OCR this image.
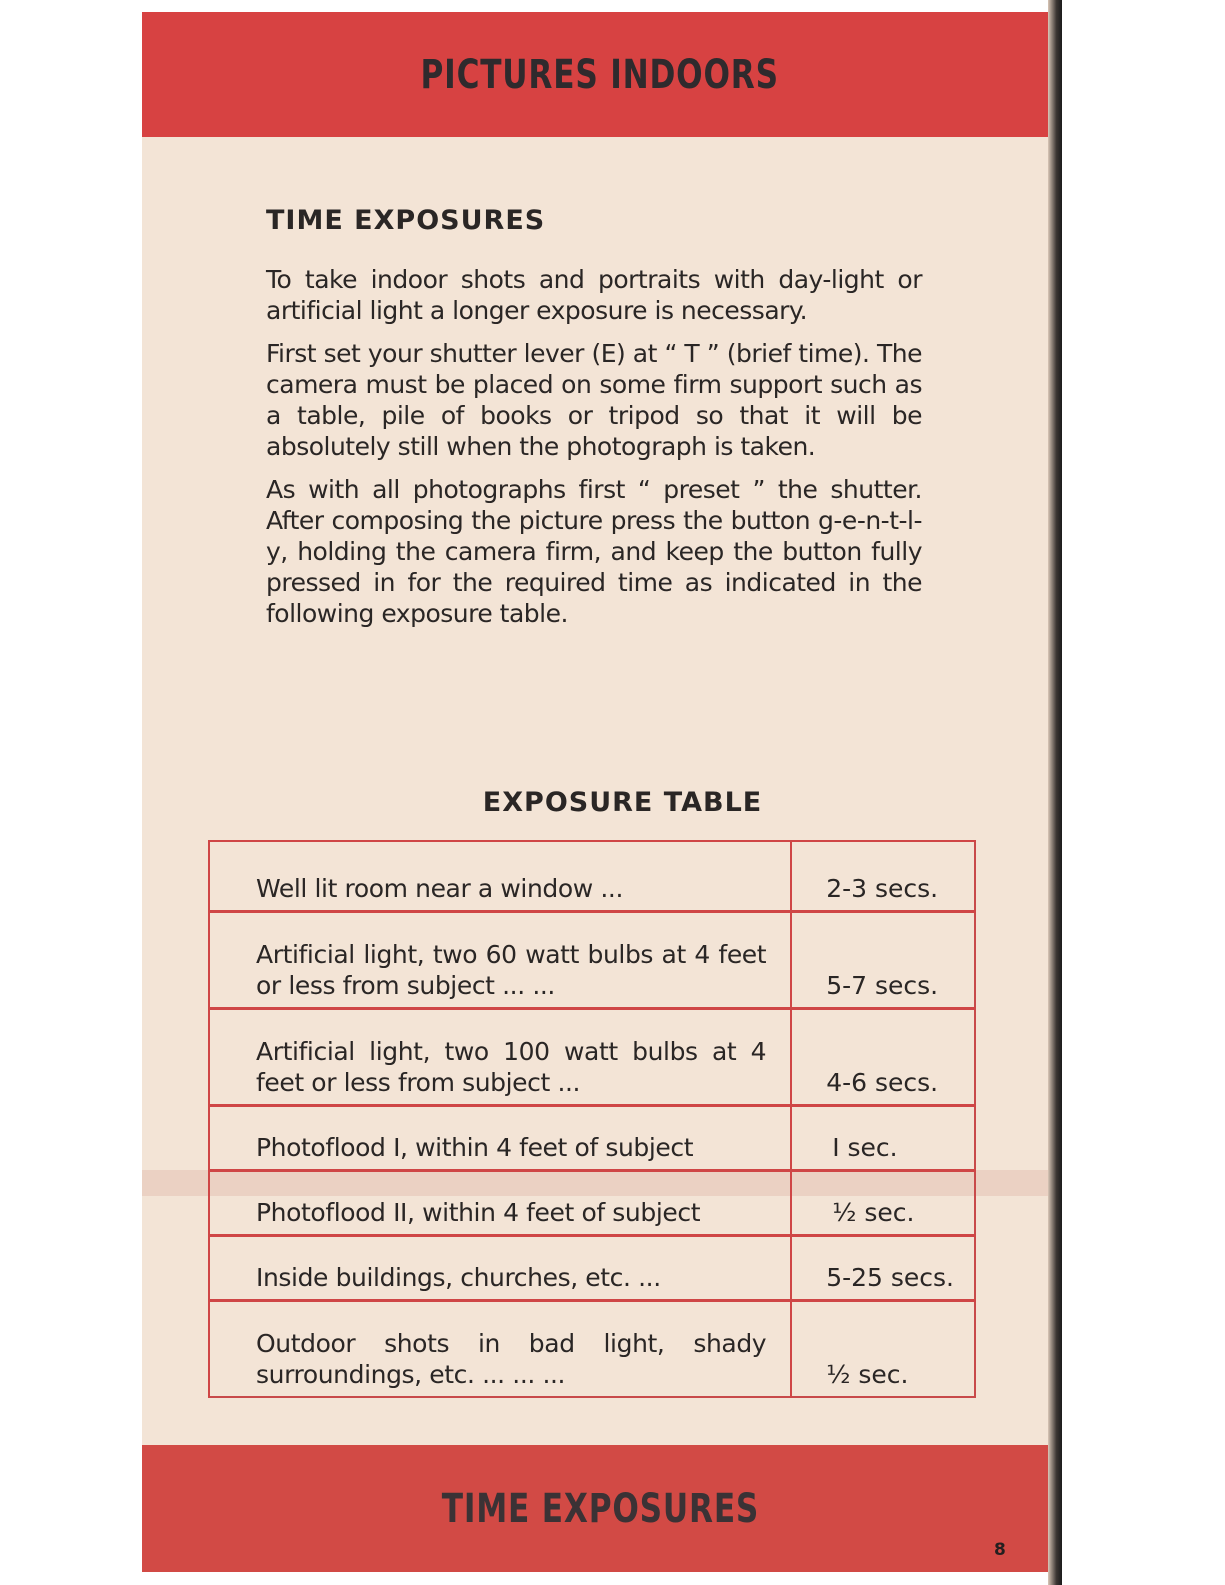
PICTURES INDOORS
TIME EXPOSURES
TIME EXPOSURES

To take indoor shots and portraits with day-light or artificial light a longer exposure is necessary.

First set your shutter lever (E) at “ T ” (brief time). The camera must be placed on some firm support such as a table, pile of books or tripod so that it will be absolutely still when the photograph is taken.

As with all photographs first “ preset ” the shutter. After composing the picture press the button g-e-n-t-l-y, holding the camera firm, and keep the button fully pressed in for the required time as indicated in the following exposure table.

EXPOSURE TABLE
Well lit room near a window ...	2-3 secs.
Artificial light, two 60 watt bulbs at 4 feet or less from subject ... ...	5-7 secs.
Artificial light, two 100 watt bulbs at 4 feet or less from subject ...	4-6 secs.
Photoflood I, within 4 feet of subject	I sec.
Photoflood II, within 4 feet of subject	½ sec.
Inside buildings, churches, etc. ...	5-25 secs.
Outdoor shots in bad light, shady surroundings, etc. ... ... ...	½ sec.
8
